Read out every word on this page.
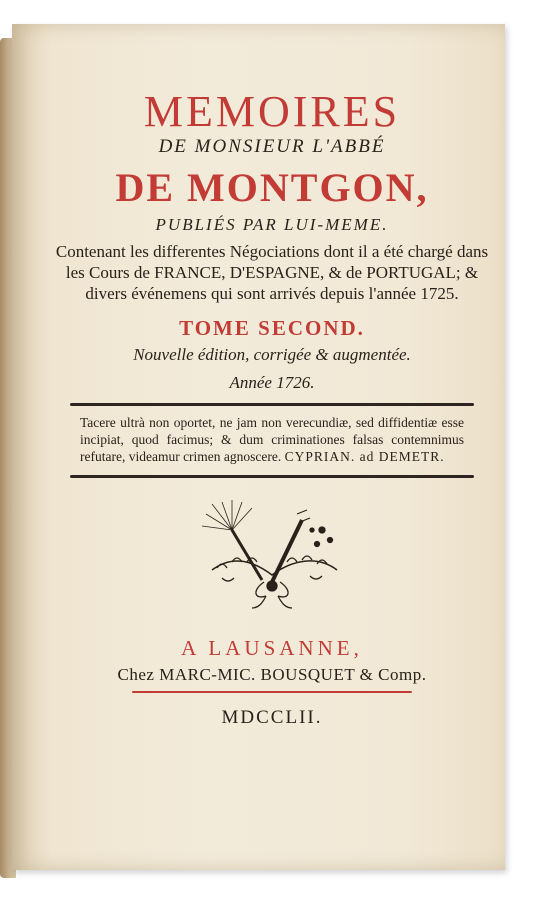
MEMOIRES
DE MONSIEUR L'ABBÉ
DE MONTGON,
PUBLIÉS PAR LUI-MEME.
Contenant les differentes Négociations dont il a été chargé dans les Cours de FRANCE, D'ESPAGNE, & de PORTUGAL; & divers événemens qui sont arrivés depuis l'année 1725.
TOME SECOND.
Nouvelle édition, corrigée & augmentée.
Année 1726.
Tacere ultrà non oportet, ne jam non verecundiæ, sed diffidentiæ esse incipiat, quod facimus; & dum criminationes falsas contemnimus refutare, videamur crimen agnoscere. CYPRIAN. ad DEMETR.
A LAUSANNE,
Chez MARC-MIC. BOUSQUET & Comp.
MDCCLII.
